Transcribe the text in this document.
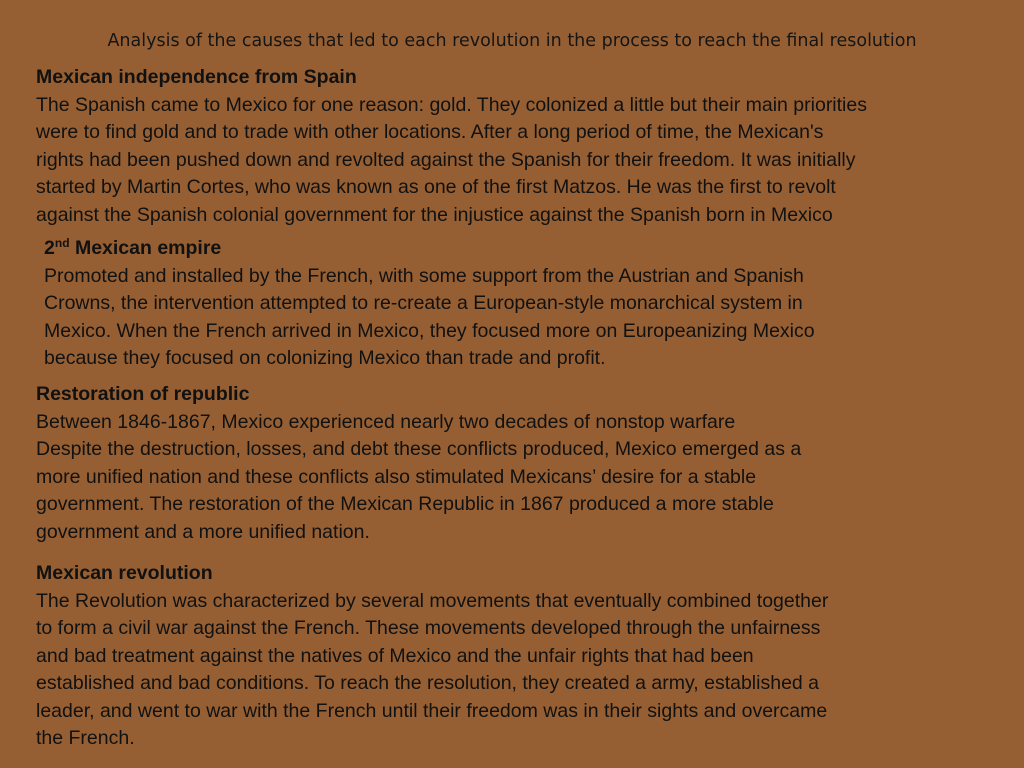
Analysis of the causes that led to each revolution in the process to reach the final resolution
Mexican independence from Spain

The Spanish came to Mexico for one reason: gold. They colonized a little but their main priorities
were to find gold and to trade with other locations. After a long period of time, the Mexican's
rights had been pushed down and revolted against the Spanish for their freedom. It was initially
started by Martin Cortes, who was known as one of the first Matzos. He was the first to revolt
against the Spanish colonial government for the injustice against the Spanish born in Mexico

2nd Mexican empire

Promoted and installed by the French, with some support from the Austrian and Spanish
Crowns, the intervention attempted to re-create a European-style monarchical system in
Mexico. When the French arrived in Mexico, they focused more on Europeanizing Mexico
because they focused on colonizing Mexico than trade and profit.

Restoration of republic

Between 1846-1867, Mexico experienced nearly two decades of nonstop warfare
Despite the destruction, losses, and debt these conflicts produced, Mexico emerged as a
more unified nation and these conflicts also stimulated Mexicans’ desire for a stable
government. The restoration of the Mexican Republic in 1867 produced a more stable
government and a more unified nation.

Mexican revolution

The Revolution was characterized by several movements that eventually combined together
to form a civil war against the French. These movements developed through the unfairness
and bad treatment against the natives of Mexico and the unfair rights that had been
established and bad conditions. To reach the resolution, they created a army, established a
leader, and went to war with the French until their freedom was in their sights and overcame
the French.
